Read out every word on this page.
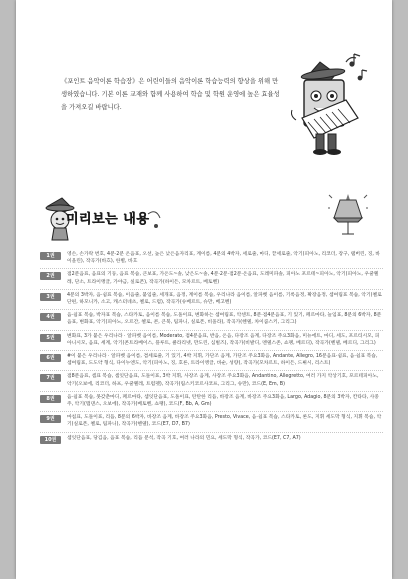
《포인트 음악이론 학습장》은 어린이들의 음악이론 학습능력의 향상을 위해 만생하였습니다. 기본 이론 교재와 함께 사용하여 학습 및 학원 운영에 높은 효율성을 가져오길 바랍니다.

미리보는 내용
1권	영손, 손가락 번호, 4분·2분 온음표, 오선, 높은 낮은음자리표, 계이름, 4분의 4박자, 세로줄, 마디, 끝세로줄, 악기(피아노, 리코더, 장구, 탬버린, 징, 바이올린), 작곡가(바흐), 한별, 바흐
2권	점2분음표, 음표의 기둥, 음표 복습, 큰보표, 가온도~솔, 낮은도~솔, 4분·2분·점2분·온음표, 도레미파솔, 피아노 포르테~피아노, 악기(피아노, 우쿨렐레, 단소, 트라이앵글, 가야금, 실로폰), 작곡가(하이든, 모차르트, 베토벤)
3권	4분의 3박자, 음·쉼표 복습, 이음줄, 붙임줄, 세개표, 음정, 계이름 복습, 우리나라 음이름, 알파벳 음이름, 기록음정, 확장음정, 셈여림표 복습, 악기(첼로단편, 하모니카, 소고, 캐스터네츠, 첼로, 드럼), 작곡가(슈베르트, 슈만, 베고벤)
4권	음·쉼표 복습, 박자표 복습, 스타카토, 음이름 복습, 도돌이표, 변화하는 셈여림표, 악센트, 8분·점4분음표, 기 있기, 페르마타, 늘임표, 8분의 6박자, 8분음표, 변화표, 악기(피아노, 오르간, 첼로, 콘, 큰북, 팀파니, 실로폰, 비올라), 작곡가(헨델, 차이콥스키, 그리그)
5권	변화표, 3가 붙은 우리나라 · 알파벳 음이름, Moderato, 점4분음표, 반음, 온음, 다장조 음계, 다장조 주요3화음, 미뉴에트, 마디, 세도, 포르티시모, 피아니시모, 음표, 세계, 악기(콘트라베이스, 플루트, 클라리넷, 만도린, 심벌즈), 작곡가(비발디, 멘델스존, 쇼팽, 베르디), 작곡가(헨델, 베르디, 그리그)
6권	#이 붙은 우리나라 · 알파벳 음이름, 겹세로줄, 기 있기, 4박 지휘, 가단조 음계, 가단조 주요3화음, Andante, Allegro, 16분음표·쉼표, 음·쉼표 복습, 셈여림표, 도도약 형식, 다이누엔도, 악기(피아노, 징, 호른, 트라이앵글, 바순, 성량), 작곡가(모차르트, 하이든, 드뷔시, 리스트)
7권	점8분음표, 셈표 복습, 셈잇단음표, 도돌이표, 3박 지휘, 사장조 음계, 사장조 주요3화음, Andantino, Allegretto, 여러 가지 악상기호, 포르테피아노, 악기(오보에, 리코더, 하프, 우쿨렐레, 트럼펫), 작곡가(림스키코르사코프, 그리그, 슈만), 코드(E, Em, B)
8권	음·쉼표 복습, 못갖춘마디, 페르마타, 셈잇단음표, 도돌이표, 탄탄한 리듬, 바장조 음계, 바장조 주요3화음, Largo, Adagio, 8분의 3박자, 칸타타, 사중주, 악기(탭댄스, 오보에), 작곡가(베토벤, 쇼팽), 코드(F, Bb, A, Gm)
9권	마침표, 도돌이표, 리듬, 8분의 6박자, 바장조 음계, 바장조 주요3화음, Presto, Vivace, 음·쉼표 복습, 스타카토, 론도, 지휘 세도막 형식, 지휘 복습, 악기(실로폰, 첼로, 팀파니), 작곡가(헨델), 코드(E7, D7, B7)
10권	셈잇단음표, 당김음, 음표 복습, 리듬 분석, 작곡 기호, 여러 나라의 민요, 세도막 형식, 작곡가, 코드(E7, C7, A7)
